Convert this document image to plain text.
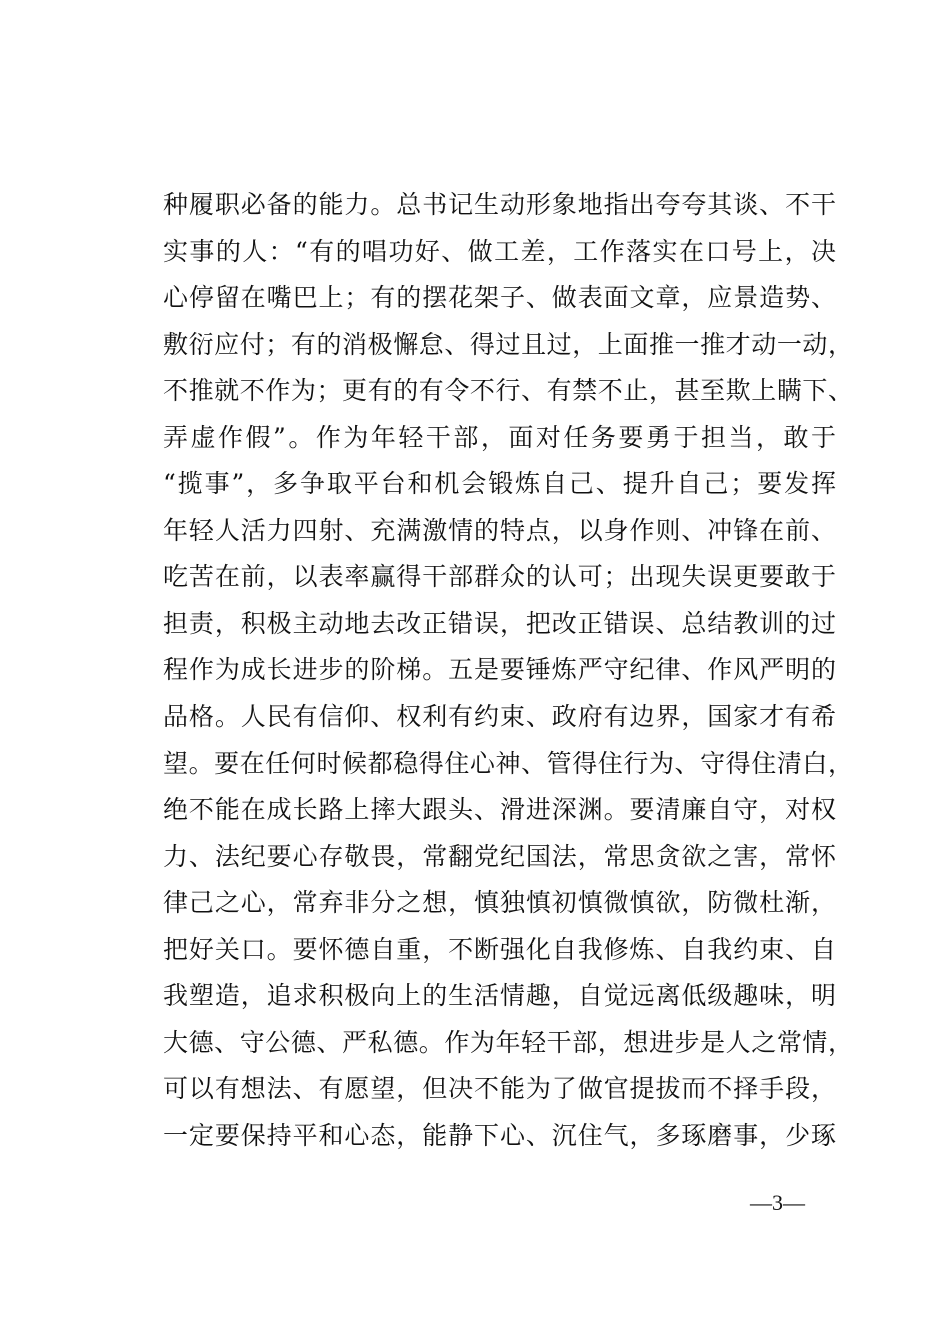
种履职必备的能力。总书记生动形象地指出夸夸其谈、不干
实事的人：“有的唱功好、做工差，工作落实在口号上，决
心停留在嘴巴上；有的摆花架子、做表面文章，应景造势、
敷衍应付；有的消极懈怠、得过且过，上面推一推才动一动，
不推就不作为；更有的有令不行、有禁不止，甚至欺上瞒下、
弄虚作假”。作为年轻干部，面对任务要勇于担当，敢于
“揽事”，多争取平台和机会锻炼自己、提升自己；要发挥
年轻人活力四射、充满激情的特点，以身作则、冲锋在前、
吃苦在前，以表率赢得干部群众的认可；出现失误更要敢于
担责，积极主动地去改正错误，把改正错误、总结教训的过
程作为成长进步的阶梯。五是要锤炼严守纪律、作风严明的
品格。人民有信仰、权利有约束、政府有边界，国家才有希
望。要在任何时候都稳得住心神、管得住行为、守得住清白，
绝不能在成长路上摔大跟头、滑进深渊。要清廉自守，对权
力、法纪要心存敬畏，常翻党纪国法，常思贪欲之害，常怀
律己之心，常弃非分之想，慎独慎初慎微慎欲，防微杜渐，
把好关口。要怀德自重，不断强化自我修炼、自我约束、自
我塑造，追求积极向上的生活情趣，自觉远离低级趣味，明
大德、守公德、严私德。作为年轻干部，想进步是人之常情，
可以有想法、有愿望，但决不能为了做官提拔而不择手段，
一定要保持平和心态，能静下心、沉住气，多琢磨事，少琢
—3—
